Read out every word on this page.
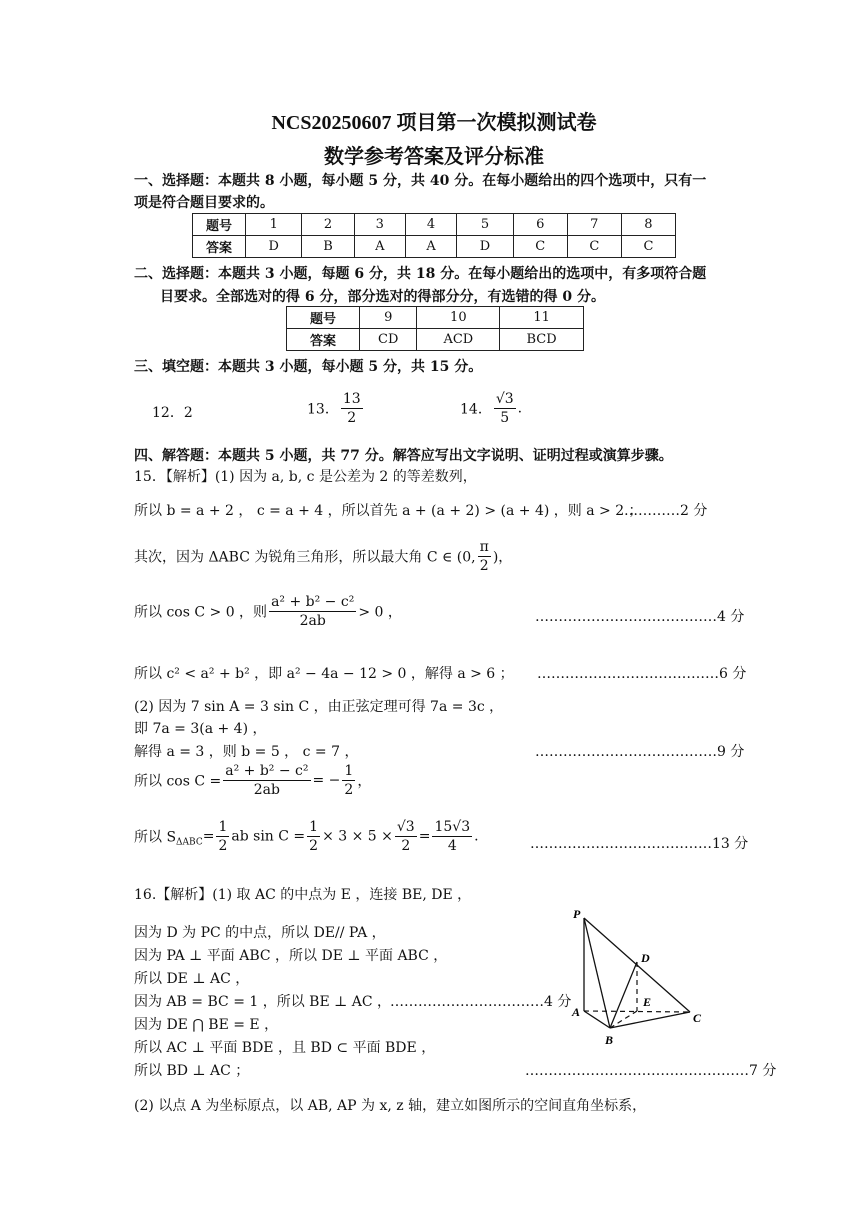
NCS20250607 项目第一次模拟测试卷
数学参考答案及评分标准
一、选择题：本题共 8 小题，每小题 5 分，共 40 分。在每小题给出的四个选项中，只有一
项是符合题目要求的。
题号	1	2	3	4	5	6	7	8
答案	D	B	A	A	D	C	C	C
二、选择题：本题共 3 小题，每题 6 分，共 18 分。在每小题给出的选项中，有多项符合题
目要求。全部选对的得 6 分，部分选对的得部分分，有选错的得 0 分。
题号	9	10	11
答案	CD	ACD	BCD
三、填空题：本题共 3 小题，每小题 5 分，共 15 分。
12．2	13． $\frac{13}{2}$	14． $\frac{√3}{5}$ .
四、解答题：本题共 5 小题，共 77 分。解答应写出文字说明、证明过程或演算步骤。
15．【解析】(1) 因为 a, b, c 是公差为 2 的等差数列，
所以 b = a + 2 ， c = a + 4 ，所以首先 a + (a + 2) > (a + 4) ，则 a > 2 ；
…………2 分
其次，因为 ΔABC 为锐角三角形，所以最大角 C ∈ (0, $\frac{\pi}{2}$ )，
所以 cos C > 0 ，则 $\frac{\text{a² + b² − c²}}{2ab} > 0$ ，	…………………………………4 分
所以 c² < a² + b² ，即 a² − 4a − 12 > 0 ，解得 a > 6 ； …………………………………6 分
(2) 因为 7 sin A = 3 sin C ，由正弦定理可得 7a = 3c ，
即 7a = 3(a + 4) ，
解得 a = 3 ，则 b = 5 ， c = 7 ，	…………………………………9 分
所以 $\cos C = \frac{\text{a² + b² − c²}}{2ab}$ = − $\frac{1}{2}$ ，
所以 $S_{\Delta ABC}= \frac{1}{2}$ ab $\sin C = \frac{1}{2} \times 3 \times 5 \times \frac{√3}{2} = \frac{15√3}{4}$ .	…………………………………13 分
16.【解析】(1) 取 AC 的中点为 E ，连接 BE, DE ，
因为 D 为 PC 的中点，所以 DE// PA ，
因为 PA ⊥ 平面 ABC ，所以 DE ⊥ 平面 ABC ，
所以 DE ⊥ AC ，
因为 AB = BC = 1 ，所以 BE ⊥ AC ，
……………………………4 分
因为 DE ⋂ BE = E ，
所以 AC ⊥ 平面 BDE ，且 BD ⊂ 平面 BDE ，
所以 BD ⊥ AC ；	…………………………………………7 分
(2) 以点 A 为坐标原点，以 AB, AP 为 x, z 轴，建立如图所示的空间直角坐标系，
P
D
E
A
B
C
